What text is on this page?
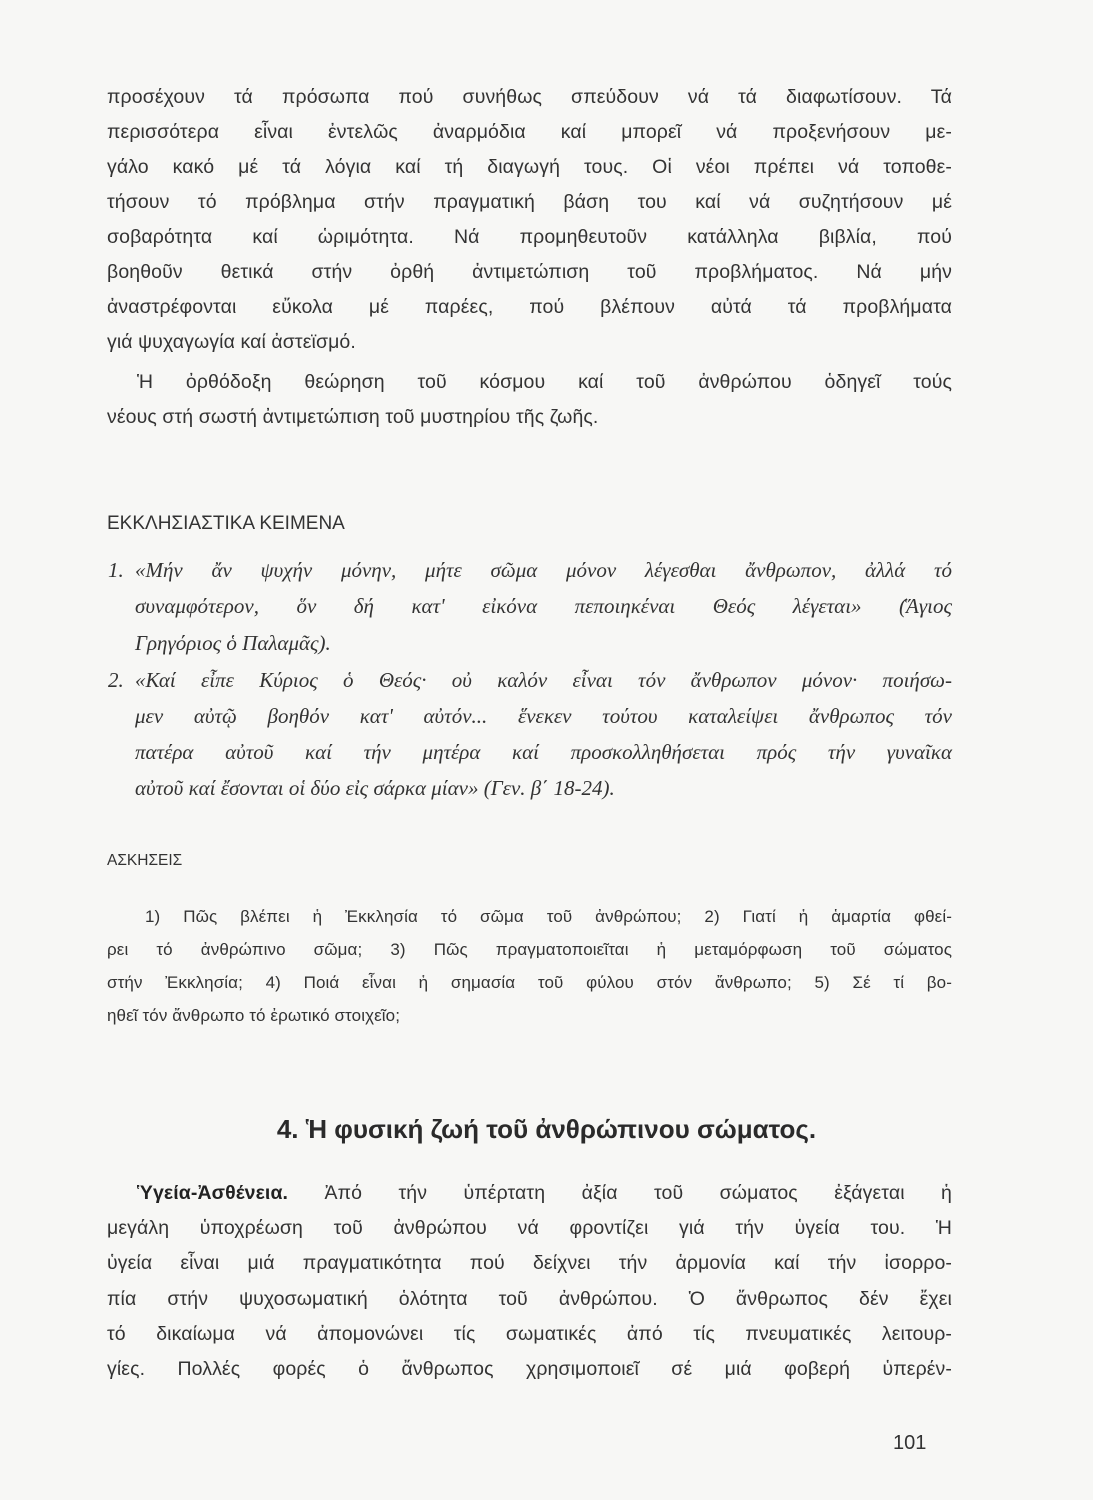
προσέχουν τά πρόσωπα πού συνήθως σπεύδουν νά τά διαφωτίσουν. Τά
περισσότερα εἶναι ἐντελῶς ἀναρμόδια καί μπορεῖ νά προξενήσουν με-
γάλο κακό μέ τά λόγια καί τή διαγωγή τους. Οἱ νέοι πρέπει νά τοποθε-
τήσουν τό πρόβλημα στήν πραγματική βάση του καί νά συζητήσουν μέ
σοβαρότητα καί ὡριμότητα. Νά προμηθευτοῦν κατάλληλα βιβλία, πού
βοηθοῦν θετικά στήν ὀρθή ἀντιμετώπιση τοῦ προβλήματος. Νά μήν
ἀναστρέφονται εὔκολα μέ παρέες, πού βλέπουν αὐτά τά προβλήματα
γιά ψυχαγωγία καί ἀστεϊσμό.
Ἡ ὀρθόδοξη θεώρηση τοῦ κόσμου καί τοῦ ἀνθρώπου ὁδηγεῖ τούς
νέους στή σωστή ἀντιμετώπιση τοῦ μυστηρίου τῆς ζωῆς.
ΕΚΚΛΗΣΙΑΣΤΙΚΑ ΚΕΙΜΕΝΑ
1. «Μήν ἄν ψυχήν μόνην, μήτε σῶμα μόνον λέγεσθαι ἄνθρωπον, ἀλλά τό
συναμφότερον, ὅν δή κατ' εἰκόνα πεποιηκέναι Θεός λέγεται» (Ἅγιος
Γρηγόριος ὁ Παλαμᾶς).
2. «Καί εἶπε Κύριος ὁ Θεός· οὐ καλόν εἶναι τόν ἄνθρωπον μόνον· ποιήσω-
μεν αὐτῷ βοηθόν κατ' αὐτόν... ἕνεκεν τούτου καταλείψει ἄνθρωπος τόν
πατέρα αὐτοῦ καί τήν μητέρα καί προσκολληθήσεται πρός τήν γυναῖκα
αὐτοῦ καί ἔσονται οἱ δύο εἰς σάρκα μίαν» (Γεν. β΄ 18-24).
ΑΣΚΗΣΕΙΣ
1) Πῶς βλέπει ἡ Ἐκκλησία τό σῶμα τοῦ ἀνθρώπου; 2) Γιατί ἡ ἁμαρτία φθεί-
ρει τό ἀνθρώπινο σῶμα; 3) Πῶς πραγματοποιεῖται ἡ μεταμόρφωση τοῦ σώματος
στήν Ἐκκλησία; 4) Ποιά εἶναι ἡ σημασία τοῦ φύλου στόν ἄνθρωπο; 5) Σέ τί βο-
ηθεῖ τόν ἄνθρωπο τό ἐρωτικό στοιχεῖο;
4. Ἡ φυσική ζωή τοῦ ἀνθρώπινου σώματος.
Ὑγεία-Ἀσθένεια. Ἀπό τήν ὑπέρτατη ἀξία τοῦ σώματος ἐξάγεται ἡ
μεγάλη ὑποχρέωση τοῦ ἀνθρώπου νά φροντίζει γιά τήν ὑγεία του. Ἡ
ὑγεία εἶναι μιά πραγματικότητα πού δείχνει τήν ἁρμονία καί τήν ἰσορρο-
πία στήν ψυχοσωματική ὁλότητα τοῦ ἀνθρώπου. Ὁ ἄνθρωπος δέν ἔχει
τό δικαίωμα νά ἀπομονώνει τίς σωματικές ἀπό τίς πνευματικές λειτουρ-
γίες. Πολλές φορές ὁ ἄνθρωπος χρησιμοποιεῖ σέ μιά φοβερή ὑπερέν-
101
